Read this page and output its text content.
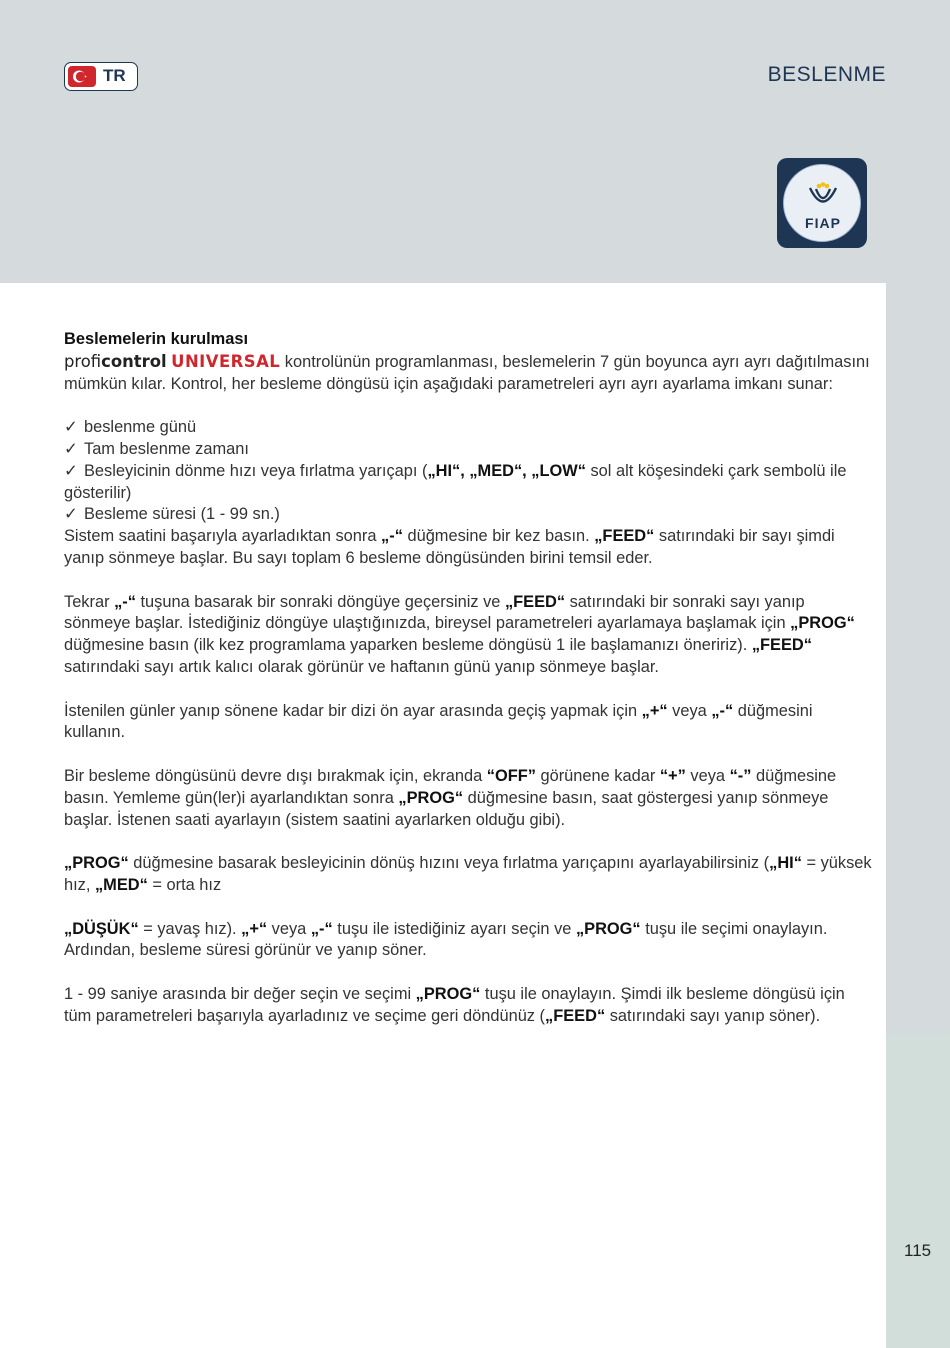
TR	BESLENME
FIAP

Beslemelerin kurulması

proficontrol UNIVERSAL kontrolünün programlanması, beslemelerin 7 gün boyunca ayrı ayrı dağıtılmasını mümkün kılar. Kontrol, her besleme döngüsü için aşağıdaki parametreleri ayrı ayrı ayarlama imkanı sunar:

✓ beslenme günü

✓ Tam beslenme zamanı

✓ Besleyicinin dönme hızı veya fırlatma yarıçapı („HI“, „MED“, „LOW“ sol alt köşesindeki çark sembolü ile gösterilir)

✓ Besleme süresi (1 - 99 sn.)

Sistem saatini başarıyla ayarladıktan sonra „-“ düğmesine bir kez basın. „FEED“ satırındaki bir sayı şimdi yanıp sönmeye başlar. Bu sayı toplam 6 besleme döngüsünden birini temsil eder.

Tekrar „-“ tuşuna basarak bir sonraki döngüye geçersiniz ve „FEED“ satırındaki bir sonraki sayı yanıp sönmeye başlar. İstediğiniz döngüye ulaştığınızda, bireysel parametreleri ayarlamaya başlamak için „PROG“ düğmesine basın (ilk kez programlama yaparken besleme döngüsü 1 ile başlamanızı öneririz). „FEED“ satırındaki sayı artık kalıcı olarak görünür ve haftanın günü yanıp sönmeye başlar.

İstenilen günler yanıp sönene kadar bir dizi ön ayar arasında geçiş yapmak için „+“ veya „-“ düğmesini kullanın.

Bir besleme döngüsünü devre dışı bırakmak için, ekranda “OFF” görünene kadar “+” veya “-” düğmesine basın. Yemleme gün(ler)i ayarlandıktan sonra „PROG“ düğmesine basın, saat göstergesi yanıp sönmeye başlar. İstenen saati ayarlayın (sistem saatini ayarlarken olduğu gibi).

„PROG“ düğmesine basarak besleyicinin dönüş hızını veya fırlatma yarıçapını ayarlayabilirsiniz („HI“ = yüksek hız, „MED“ = orta hız

„DÜŞÜK“ = yavaş hız). „+“ veya „-“ tuşu ile istediğiniz ayarı seçin ve „PROG“ tuşu ile seçimi onaylayın.

Ardından, besleme süresi görünür ve yanıp söner.

1 - 99 saniye arasında bir değer seçin ve seçimi „PROG“ tuşu ile onaylayın. Şimdi ilk besleme döngüsü için tüm parametreleri başarıyla ayarladınız ve seçime geri döndünüz („FEED“ satırındaki sayı yanıp söner).

115
